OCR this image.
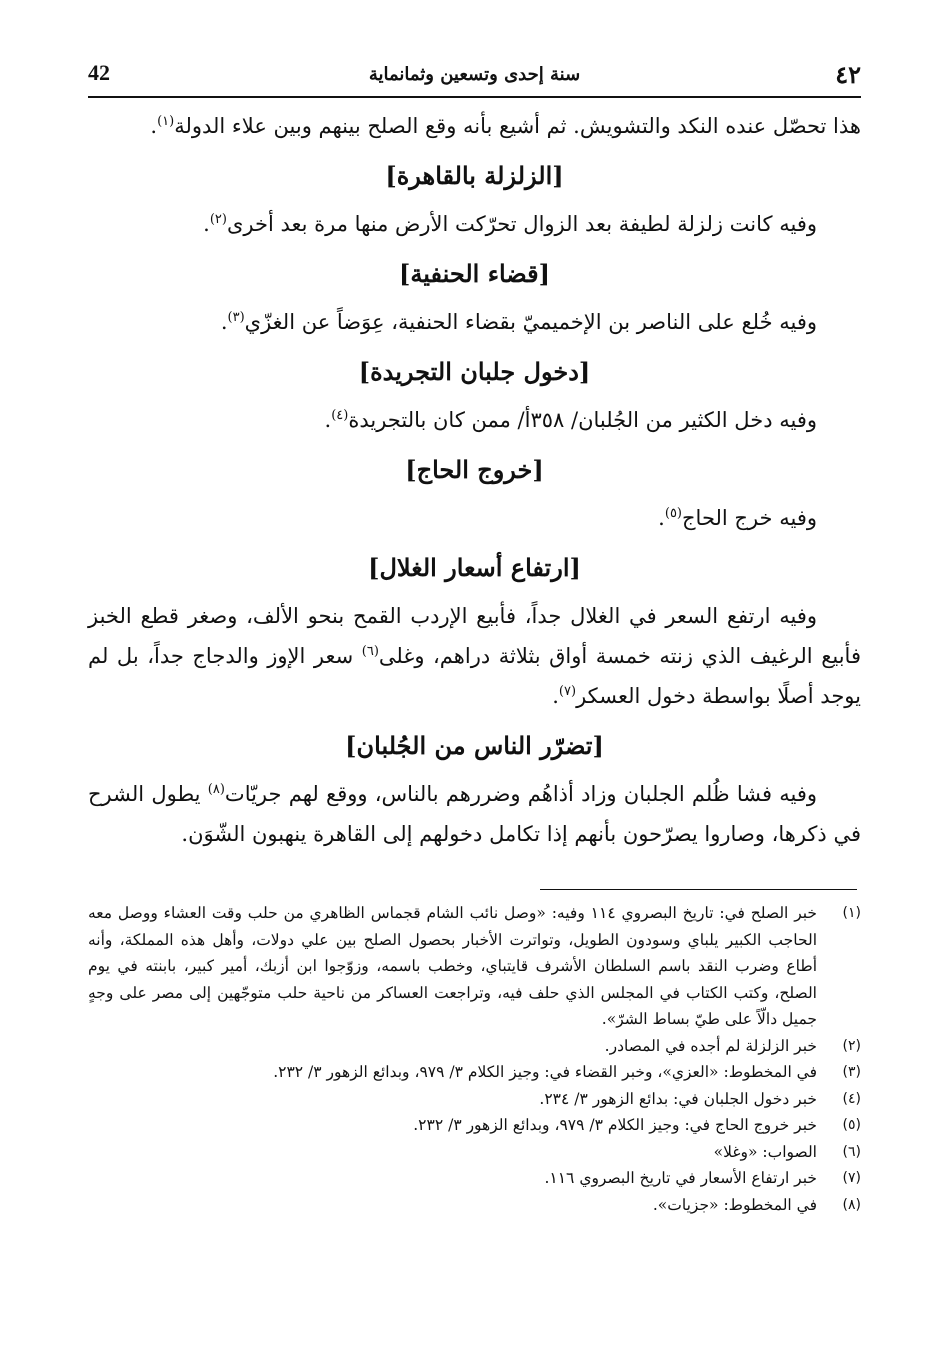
42	سنة إحدى وتسعين وثمانماية	٤٢

هذا تحصّل عنده النكد والتشويش. ثم أشيع بأنه وقع الصلح بينهم وبين علاء الدولة$^{(١)}$.

[الزلزلة بالقاهرة]

وفيه كانت زلزلة لطيفة بعد الزوال تحرّكت الأرض منها مرة بعد أخرى$^{(٢)}$.

[قضاء الحنفية]

وفيه خُلع على الناصر بن الإخميميّ بقضاء الحنفية، عِوَضاً عن الغزّي$^{(٣)}$.

[دخول جلبان التجريدة]

وفيه دخل الكثير من الجُلبان/ ٣٥٨أ/ ممن كان بالتجريدة$^{(٤)}$.

[خروج الحاج]

وفيه خرج الحاج$^{(٥)}$.

[ارتفاع أسعار الغلال]

وفيه ارتفع السعر في الغلال جداً، فأبيع الإردب القمح بنحو الألف، وصغر قطع الخبز فأبيع الرغيف الذي زنته خمسة أواق بثلاثة دراهم، وغلى$^{(٦)}$ سعر الإوز والدجاج جداً، بل لم يوجد أصلًا بواسطة دخول العسكر$^{(٧)}$.

[تضرّر الناس من الجُلبان]

وفيه فشا ظُلم الجلبان وزاد أذاهُم وضررهم بالناس، ووقع لهم جريّات$^{(٨)}$ يطول الشرح في ذكرها، وصاروا يصرّحون بأنهم إذا تكامل دخولهم إلى القاهرة ينهبون الشّوَن.

(١)
خبر الصلح في: تاريخ البصروي ١١٤ وفيه: «وصل نائب الشام قجماس الظاهري من حلب وقت العشاء ووصل معه الحاجب الكبير يلباي وسودون الطويل، وتواترت الأخبار بحصول الصلح بين علي دولات، وأهل هذه المملكة، وأنه أطاع وضرب النقد باسم السلطان الأشرف قايتباي، وخطب باسمه، وزوّجوا ابن أزبك، أمير كبير، بابنته في يوم الصلح، وكتب الكتاب في المجلس الذي حلف فيه، وتراجعت العساكر من ناحية حلب متوجّهين إلى مصر على وجهٍ جميل دالّاً على طيّ بساط الشرّ».
(٢)
خبر الزلزلة لم أجده في المصادر.
(٣)
في المخطوط: «العزي»، وخبر القضاء في: وجيز الكلام ٣/ ٩٧٩، وبدائع الزهور ٣/ ٢٣٢.
(٤)
خبر دخول الجلبان في: بدائع الزهور ٣/ ٢٣٤.
(٥)
خبر خروج الحاج في: وجيز الكلام ٣/ ٩٧٩، وبدائع الزهور ٣/ ٢٣٢.
(٦)
الصواب: «وغلا»
(٧)
خبر ارتفاع الأسعار في تاريخ البصروي ١١٦.
(٨)
في المخطوط: «جزيات».
